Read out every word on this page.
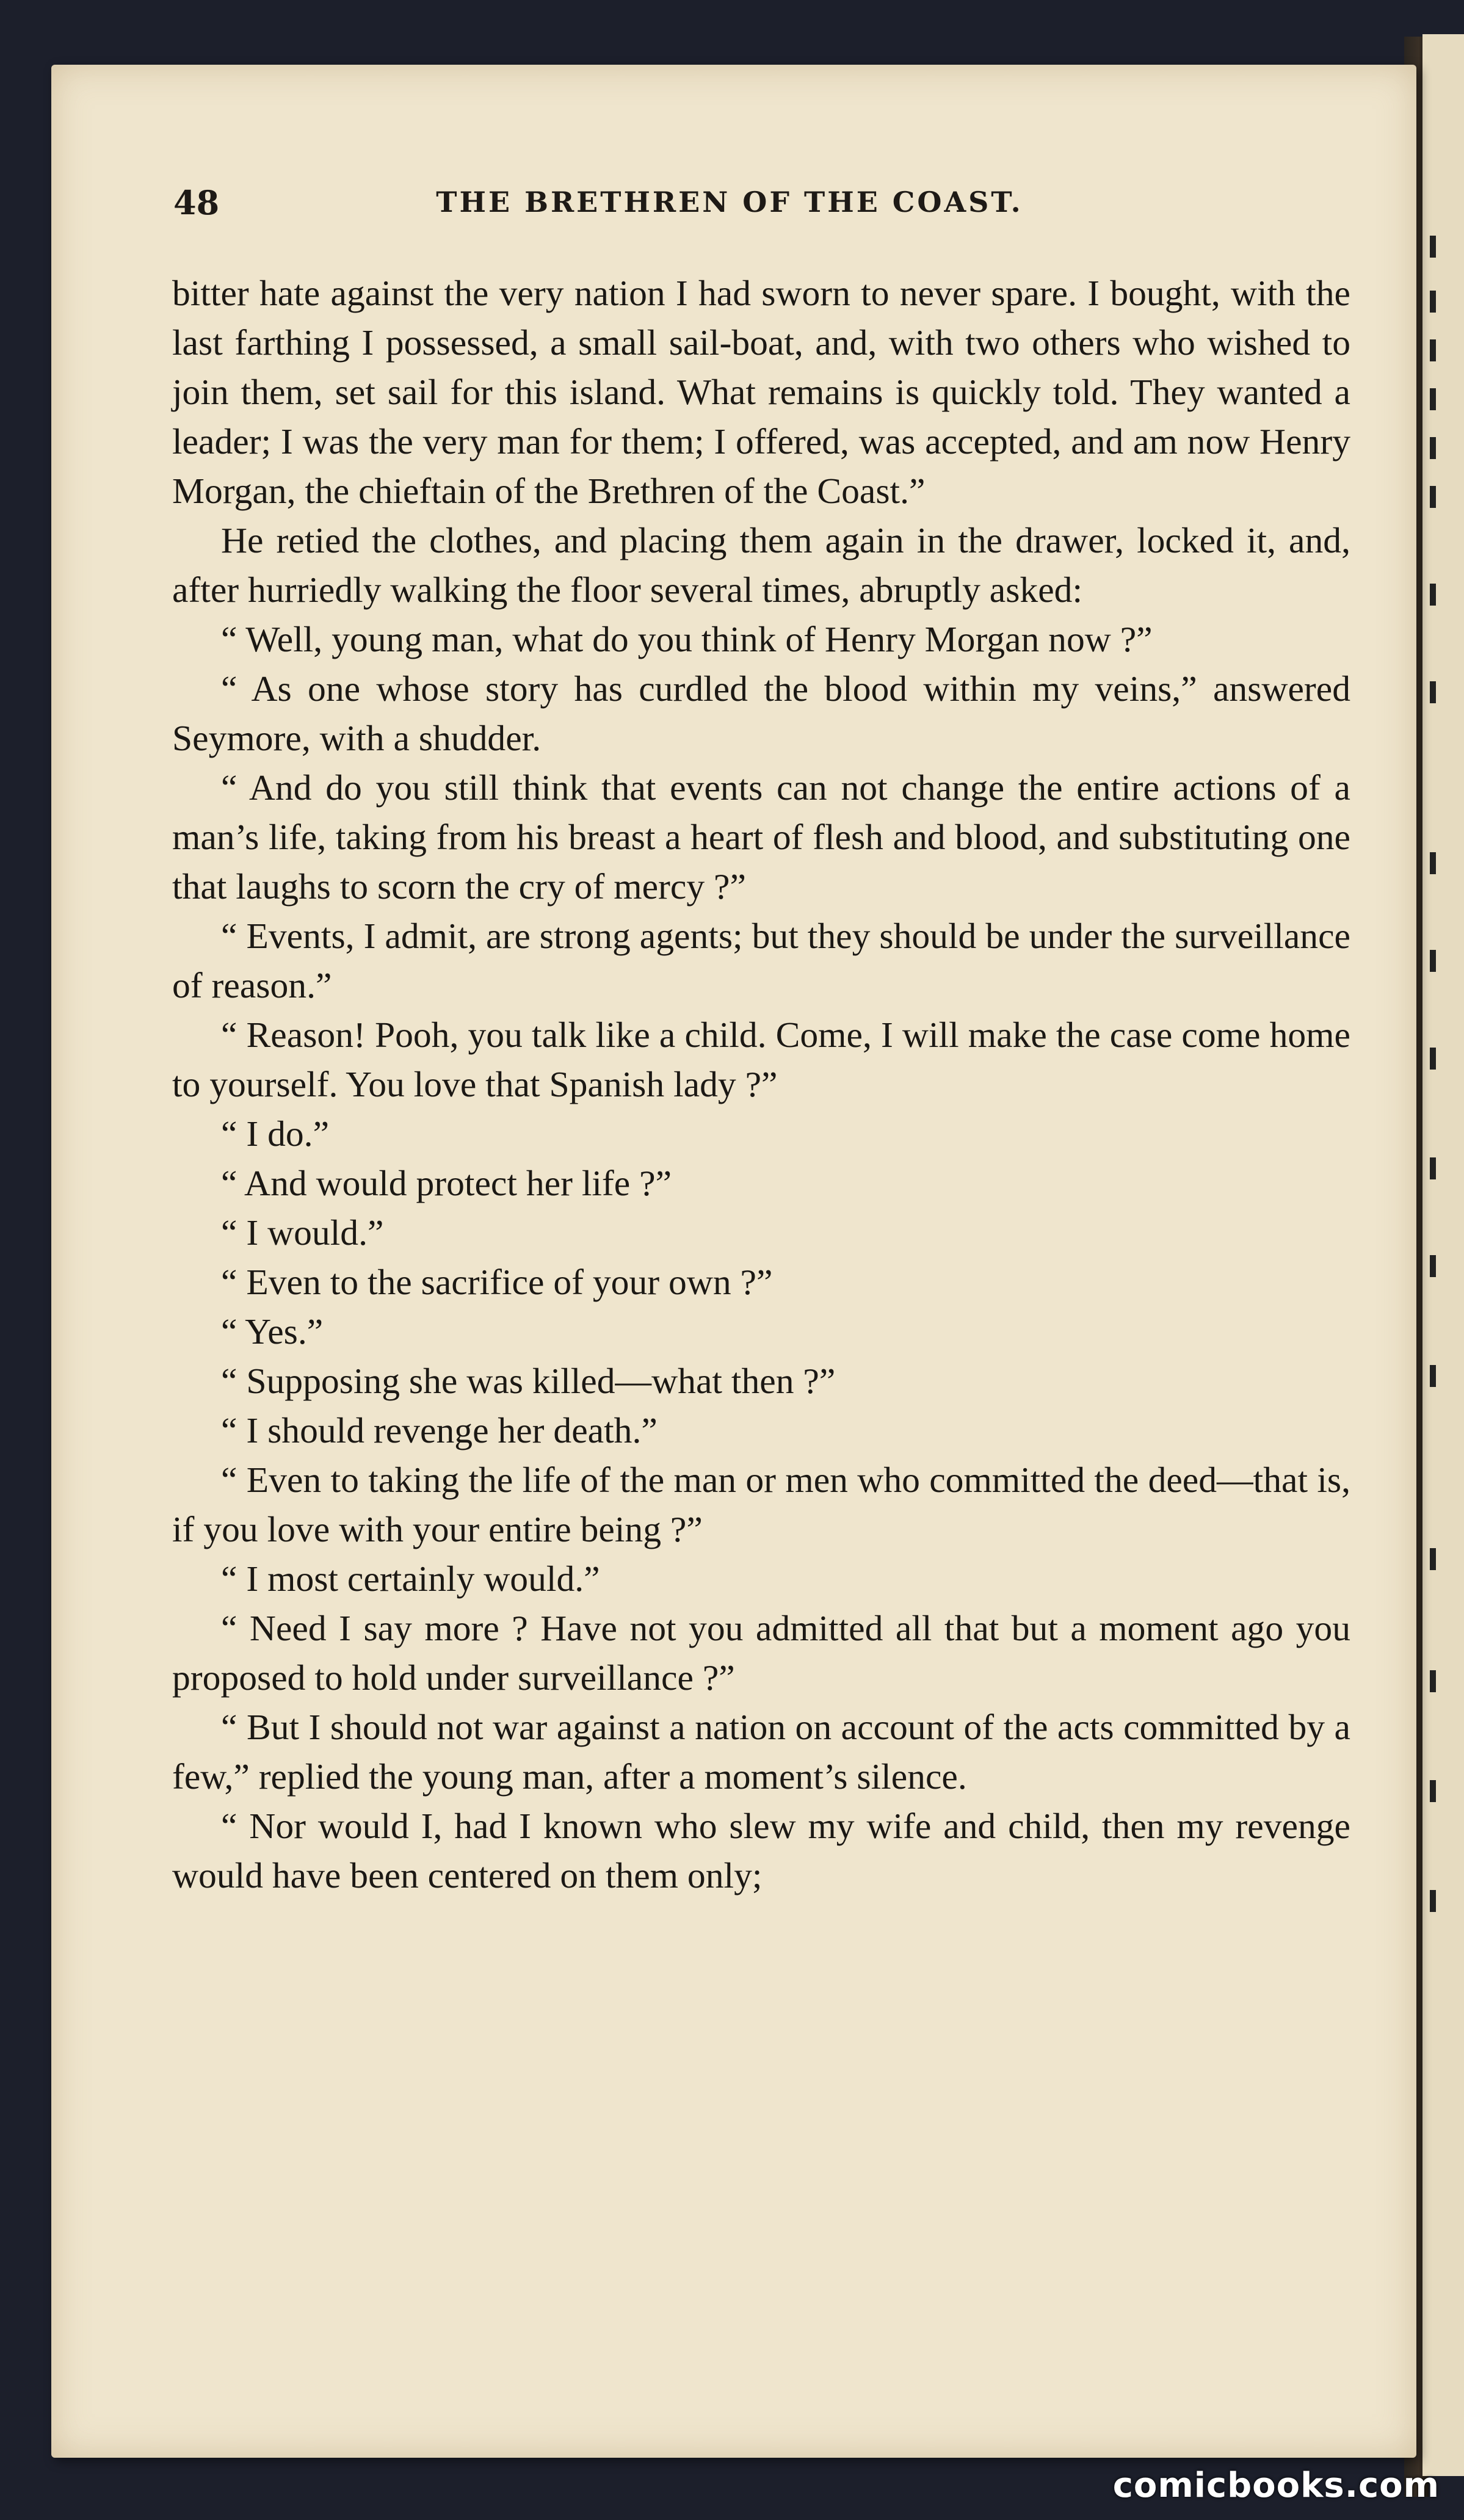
48	THE BRETHREN OF THE COAST.

bitter hate against the very nation I had sworn to never spare. I bought, with the last farthing I possessed, a small sail-boat, and, with two others who wished to join them, set sail for this island. What remains is quickly told. They wanted a leader; I was the very man for them; I offered, was accepted, and am now Henry Morgan, the chieftain of the Brethren of the Coast.”

He retied the clothes, and placing them again in the drawer, locked it, and, after hurriedly walking the floor several times, abruptly asked:

“ Well, young man, what do you think of Henry Morgan now ?”

“ As one whose story has curdled the blood within my veins,” answered Seymore, with a shudder.

“ And do you still think that events can not change the entire actions of a man’s life, taking from his breast a heart of flesh and blood, and substituting one that laughs to scorn the cry of mercy ?”

“ Events, I admit, are strong agents; but they should be under the surveillance of reason.”

“ Reason! Pooh, you talk like a child. Come, I will make the case come home to yourself. You love that Spanish lady ?”

“ I do.”

“ And would protect her life ?”

“ I would.”

“ Even to the sacrifice of your own ?”

“ Yes.”

“ Supposing she was killed—what then ?”

“ I should revenge her death.”

“ Even to taking the life of the man or men who committed the deed—that is, if you love with your entire being ?”

“ I most certainly would.”

“ Need I say more ? Have not you admitted all that but a moment ago you proposed to hold under surveillance ?”

“ But I should not war against a nation on account of the acts committed by a few,” replied the young man, after a moment’s silence.

“ Nor would I, had I known who slew my wife and child, then my revenge would have been centered on them only;

comicbooks.com
